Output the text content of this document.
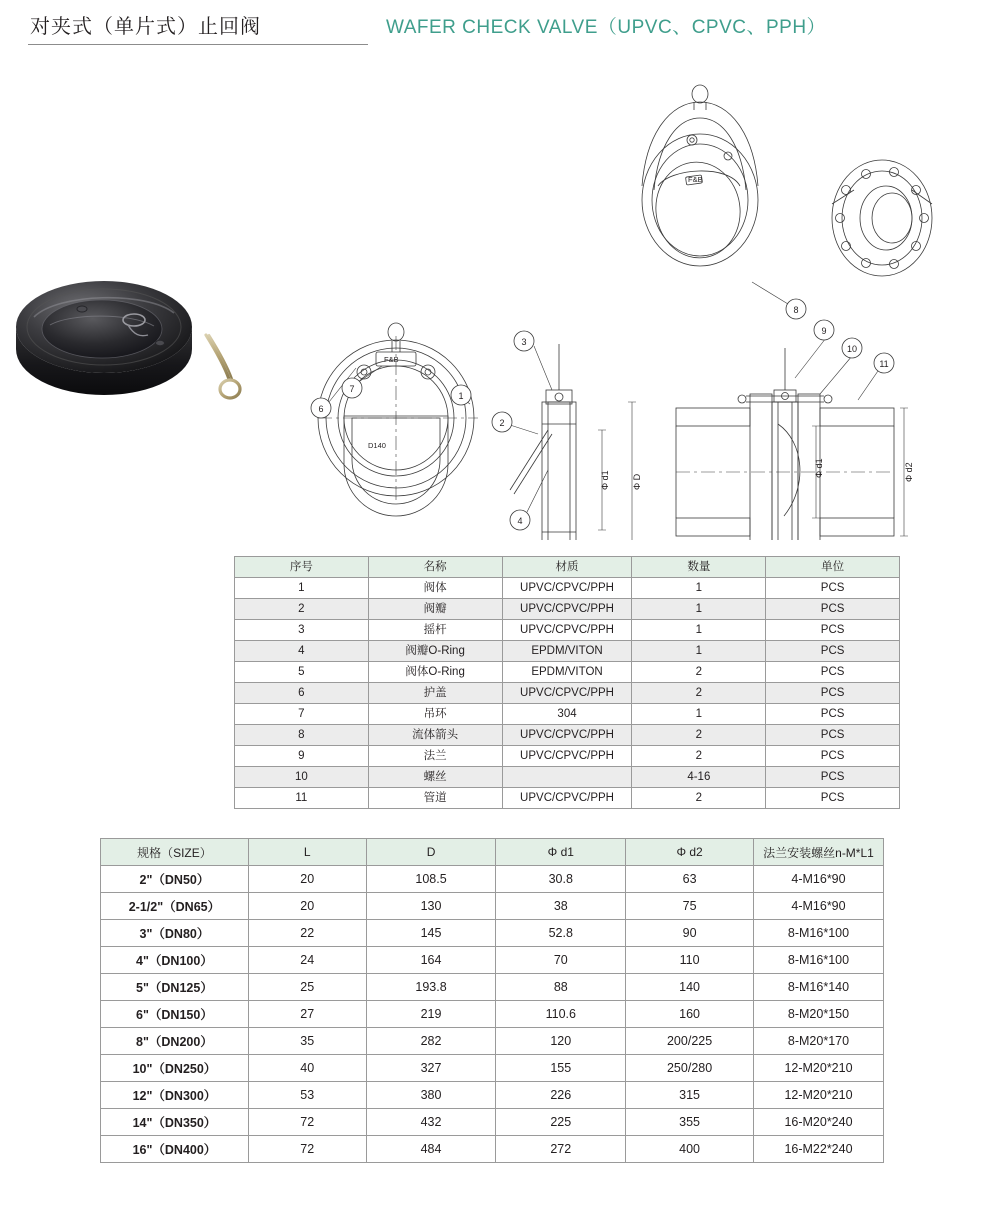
对夹式（单片式）止回阀	WAFER CHECK VALVE（UPVC、CPVC、PPH）
F&B
F&B
D140
Φ d1 Φ D
Φ d1	Φ d2
1
2
3
4
6
7
8
9
10
11
序号	名称	材质	数量	单位
1	阀体	UPVC/CPVC/PPH	1	PCS
2	阀瓣	UPVC/CPVC/PPH	1	PCS
3	摇杆	UPVC/CPVC/PPH	1	PCS
4	阀瓣O-Ring	EPDM/VITON	1	PCS
5	阀体O-Ring	EPDM/VITON	2	PCS
6	护盖	UPVC/CPVC/PPH	2	PCS
7	吊环	304	1	PCS
8	流体箭头	UPVC/CPVC/PPH	2	PCS
9	法兰	UPVC/CPVC/PPH	2	PCS
10	螺丝		4-16	PCS
11	管道	UPVC/CPVC/PPH	2	PCS
规格（SIZE）	L	D	Φ d1	Φ d2	法兰安装螺丝n-M*L1
2"（DN50）	20	108.5	30.8	63	4-M16*90
2-1/2"（DN65）	20	130	38	75	4-M16*90
3"（DN80）	22	145	52.8	90	8-M16*100
4"（DN100）	24	164	70	110	8-M16*100
5"（DN125）	25	193.8	88	140	8-M16*140
6"（DN150）	27	219	110.6	160	8-M20*150
8"（DN200）	35	282	120	200/225	8-M20*170
10"（DN250）	40	327	155	250/280	12-M20*210
12"（DN300）	53	380	226	315	12-M20*210
14"（DN350）	72	432	225	355	16-M20*240
16"（DN400）	72	484	272	400	16-M22*240
